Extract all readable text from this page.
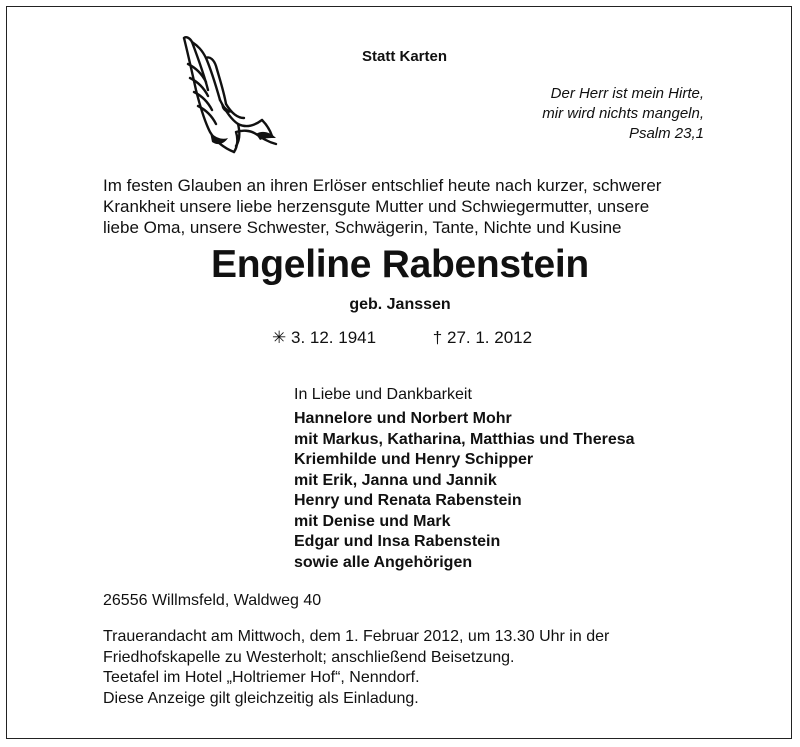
Statt Karten
Der Herr ist mein Hirte,
mir wird nichts mangeln,
Psalm 23,1
Im festen Glauben an ihren Erlöser entschlief heute nach kurzer, schwerer
Krankheit unsere liebe herzensgute Mutter und Schwiegermutter, unsere
liebe Oma, unsere Schwester, Schwägerin, Tante, Nichte und Kusine
Engeline Rabenstein
geb. Janssen
✳ 3. 12. 1941	† 27. 1. 2012
In Liebe und Dankbarkeit
Hannelore und Norbert Mohr
mit Markus, Katharina, Matthias und Theresa
Kriemhilde und Henry Schipper
mit Erik, Janna und Jannik
Henry und Renata Rabenstein
mit Denise und Mark
Edgar und Insa Rabenstein
sowie alle Angehörigen
26556 Willmsfeld, Waldweg 40
Trauerandacht am Mittwoch, dem 1. Februar 2012, um 13.30 Uhr in der
Friedhofskapelle zu Westerholt; anschließend Beisetzung.
Teetafel im Hotel „Holtriemer Hof“, Nenndorf.
Diese Anzeige gilt gleichzeitig als Einladung.
